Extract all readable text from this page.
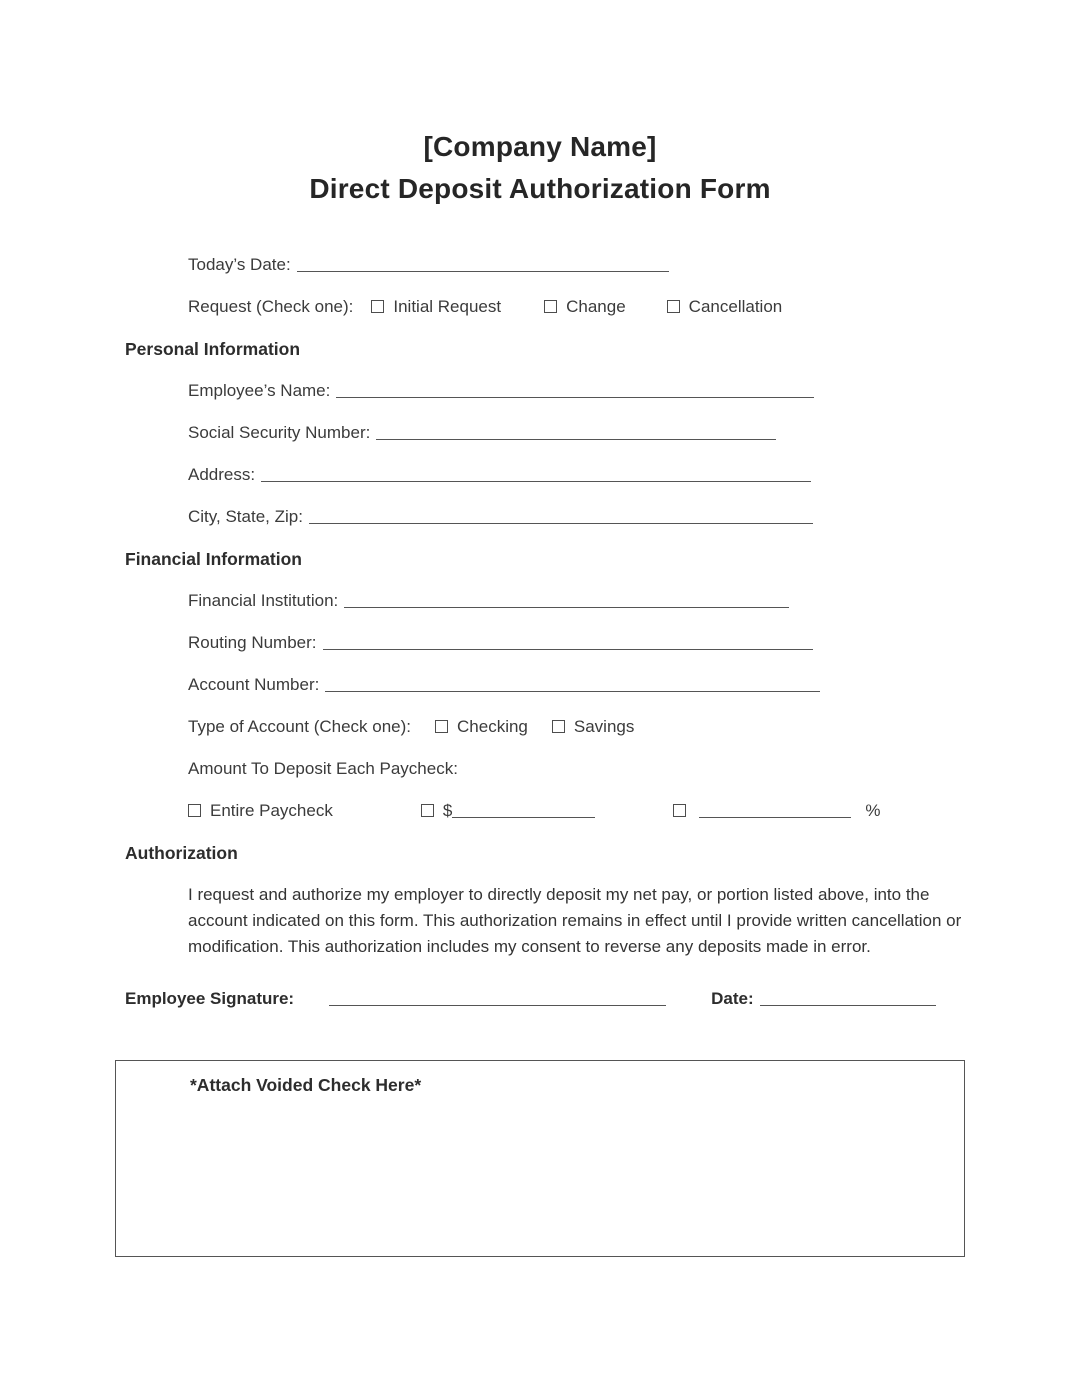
[Company Name]
Direct Deposit Authorization Form
Today’s Date:
Request (Check one): Initial Request	Change	Cancellation
Personal Information
Employee’s Name:
Social Security Number:
Address:
City, State, Zip:
Financial Information
Financial Institution:
Routing Number:
Account Number:
Type of Account (Check one):	Checking	Savings
Amount To Deposit Each Paycheck:
Entire Paycheck	$	%
Authorization
I request and authorize my employer to directly deposit my net pay, or portion listed above, into the account indicated on this form. This authorization remains in effect until I provide written cancellation or modification. This authorization includes my consent to reverse any deposits made in error.
Employee Signature:	Date:
*Attach Voided Check Here*
